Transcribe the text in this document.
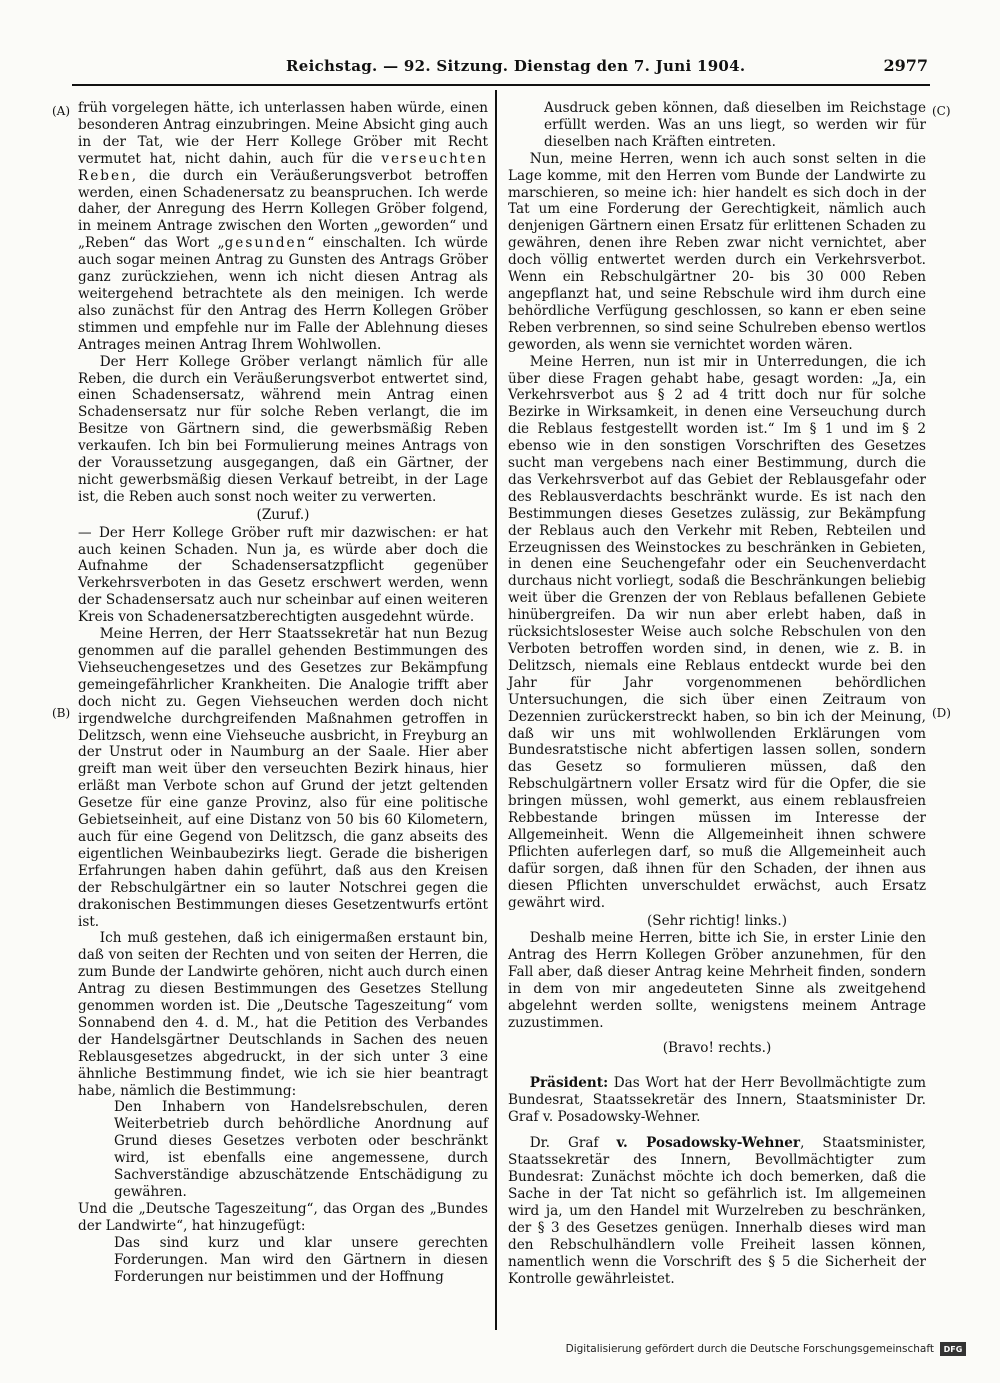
Reichstag. — 92. Sitzung. Dienstag den 7. Juni 1904.	2977
(A)
(B)
(C)
(D)

früh vorgelegen hätte, ich unterlassen haben würde, einen besonderen Antrag einzubringen. Meine Absicht ging auch in der Tat, wie der Herr Kollege Gröber mit Recht vermutet hat, nicht dahin, auch für die verseuchten Reben, die durch ein Veräußerungsverbot betroffen werden, einen Schadenersatz zu beanspruchen. Ich werde daher, der Anregung des Herrn Kollegen Gröber folgend, in meinem Antrage zwischen den Worten „geworden“ und „Reben“ das Wort „gesunden“ einschalten. Ich würde auch sogar meinen Antrag zu Gunsten des Antrags Gröber ganz zurückziehen, wenn ich nicht diesen Antrag als weitergehend betrachtete als den meinigen. Ich werde also zunächst für den Antrag des Herrn Kollegen Gröber stimmen und empfehle nur im Falle der Ablehnung dieses Antrages meinen Antrag Ihrem Wohlwollen.

Der Herr Kollege Gröber verlangt nämlich für alle Reben, die durch ein Veräußerungsverbot entwertet sind, einen Schadensersatz, während mein Antrag einen Schadensersatz nur für solche Reben verlangt, die im Besitze von Gärtnern sind, die gewerbsmäßig Reben verkaufen. Ich bin bei Formulierung meines Antrags von der Voraussetzung ausgegangen, daß ein Gärtner, der nicht gewerbsmäßig diesen Verkauf betreibt, in der Lage ist, die Reben auch sonst noch weiter zu verwerten.

(Zuruf.)

— Der Herr Kollege Gröber ruft mir dazwischen: er hat auch keinen Schaden. Nun ja, es würde aber doch die Aufnahme der Schadensersatzpflicht gegenüber Verkehrsverboten in das Gesetz erschwert werden, wenn der Schadensersatz auch nur scheinbar auf einen weiteren Kreis von Schadenersatzberechtigten ausgedehnt würde.

Meine Herren, der Herr Staatssekretär hat nun Bezug genommen auf die parallel gehenden Bestimmungen des Viehseuchengesetzes und des Gesetzes zur Bekämpfung gemeingefährlicher Krankheiten. Die Analogie trifft aber doch nicht zu. Gegen Viehseuchen werden doch nicht irgendwelche durchgreifenden Maßnahmen getroffen in Delitzsch, wenn eine Viehseuche ausbricht, in Freyburg an der Unstrut oder in Naumburg an der Saale. Hier aber greift man weit über den verseuchten Bezirk hinaus, hier erläßt man Verbote schon auf Grund der jetzt geltenden Gesetze für eine ganze Provinz, also für eine politische Gebietseinheit, auf eine Distanz von 50 bis 60 Kilometern, auch für eine Gegend von Delitzsch, die ganz abseits des eigentlichen Weinbaubezirks liegt. Gerade die bisherigen Erfahrungen haben dahin geführt, daß aus den Kreisen der Rebschulgärtner ein so lauter Notschrei gegen die drakonischen Bestimmungen dieses Gesetzentwurfs ertönt ist.

Ich muß gestehen, daß ich einigermaßen erstaunt bin, daß von seiten der Rechten und von seiten der Herren, die zum Bunde der Landwirte gehören, nicht auch durch einen Antrag zu diesen Bestimmungen des Gesetzes Stellung genommen worden ist. Die „Deutsche Tageszeitung“ vom Sonnabend den 4. d. M., hat die Petition des Verbandes der Handelsgärtner Deutschlands in Sachen des neuen Reblausgesetzes abgedruckt, in der sich unter 3 eine ähnliche Bestimmung findet, wie ich sie hier beantragt habe, nämlich die Bestimmung:

Den Inhabern von Handelsrebschulen, deren Weiterbetrieb durch behördliche Anordnung auf Grund dieses Gesetzes verboten oder beschränkt wird, ist ebenfalls eine angemessene, durch Sachverständige abzuschätzende Entschädigung zu gewähren.

Und die „Deutsche Tageszeitung“, das Organ des „Bundes der Landwirte“, hat hinzugefügt:

Das sind kurz und klar unsere gerechten Forderungen. Man wird den Gärtnern in diesen Forderungen nur beistimmen und der Hoffnung

Ausdruck geben können, daß dieselben im Reichstage erfüllt werden. Was an uns liegt, so werden wir für dieselben nach Kräften eintreten.

Nun, meine Herren, wenn ich auch sonst selten in die Lage komme, mit den Herren vom Bunde der Landwirte zu marschieren, so meine ich: hier handelt es sich doch in der Tat um eine Forderung der Gerechtigkeit, nämlich auch denjenigen Gärtnern einen Ersatz für erlittenen Schaden zu gewähren, denen ihre Reben zwar nicht vernichtet, aber doch völlig entwertet werden durch ein Verkehrsverbot. Wenn ein Rebschulgärtner 20- bis 30 000 Reben angepflanzt hat, und seine Rebschule wird ihm durch eine behördliche Verfügung geschlossen, so kann er eben seine Reben verbrennen, so sind seine Schulreben ebenso wertlos geworden, als wenn sie vernichtet worden wären.

Meine Herren, nun ist mir in Unterredungen, die ich über diese Fragen gehabt habe, gesagt worden: „Ja, ein Verkehrsverbot aus § 2 ad 4 tritt doch nur für solche Bezirke in Wirksamkeit, in denen eine Verseuchung durch die Reblaus festgestellt worden ist.“ Im § 1 und im § 2 ebenso wie in den sonstigen Vorschriften des Gesetzes sucht man vergebens nach einer Bestimmung, durch die das Verkehrsverbot auf das Gebiet der Reblausgefahr oder des Reblausverdachts beschränkt wurde. Es ist nach den Bestimmungen dieses Gesetzes zulässig, zur Bekämpfung der Reblaus auch den Verkehr mit Reben, Rebteilen und Erzeugnissen des Weinstockes zu beschränken in Gebieten, in denen eine Seuchengefahr oder ein Seuchenverdacht durchaus nicht vorliegt, sodaß die Beschränkungen beliebig weit über die Grenzen der von Reblaus befallenen Gebiete hinübergreifen. Da wir nun aber erlebt haben, daß in rücksichtslosester Weise auch solche Rebschulen von den Verboten betroffen worden sind, in denen, wie z. B. in Delitzsch, niemals eine Reblaus entdeckt wurde bei den Jahr für Jahr vorgenommenen behördlichen Untersuchungen, die sich über einen Zeitraum von Dezennien zurückerstreckt haben, so bin ich der Meinung, daß wir uns mit wohlwollenden Erklärungen vom Bundesratstische nicht abfertigen lassen sollen, sondern das Gesetz so formulieren müssen, daß den Rebschulgärtnern voller Ersatz wird für die Opfer, die sie bringen müssen, wohl gemerkt, aus einem reblausfreien Rebbestande bringen müssen im Interesse der Allgemeinheit. Wenn die Allgemeinheit ihnen schwere Pflichten auferlegen darf, so muß die Allgemeinheit auch dafür sorgen, daß ihnen für den Schaden, der ihnen aus diesen Pflichten unverschuldet erwächst, auch Ersatz gewährt wird.

(Sehr richtig! links.)

Deshalb meine Herren, bitte ich Sie, in erster Linie den Antrag des Herrn Kollegen Gröber anzunehmen, für den Fall aber, daß dieser Antrag keine Mehrheit finden, sondern in dem von mir angedeuteten Sinne als zweitgehend abgelehnt werden sollte, wenigstens meinem Antrage zuzustimmen.

(Bravo! rechts.)

Präsident: Das Wort hat der Herr Bevollmächtigte zum Bundesrat, Staatssekretär des Innern, Staatsminister Dr. Graf v. Posadowsky-Wehner.

Dr. Graf v. Posadowsky-Wehner, Staatsminister, Staatssekretär des Innern, Bevollmächtigter zum Bundesrat: Zunächst möchte ich doch bemerken, daß die Sache in der Tat nicht so gefährlich ist. Im allgemeinen wird ja, um den Handel mit Wurzelreben zu beschränken, der § 3 des Gesetzes genügen. Innerhalb dieses wird man den Rebschulhändlern volle Freiheit lassen können, namentlich wenn die Vorschrift des § 5 die Sicherheit der Kontrolle gewährleistet.

Digitalisierung gefördert durch die Deutsche Forschungsgemeinschaft	DFG
